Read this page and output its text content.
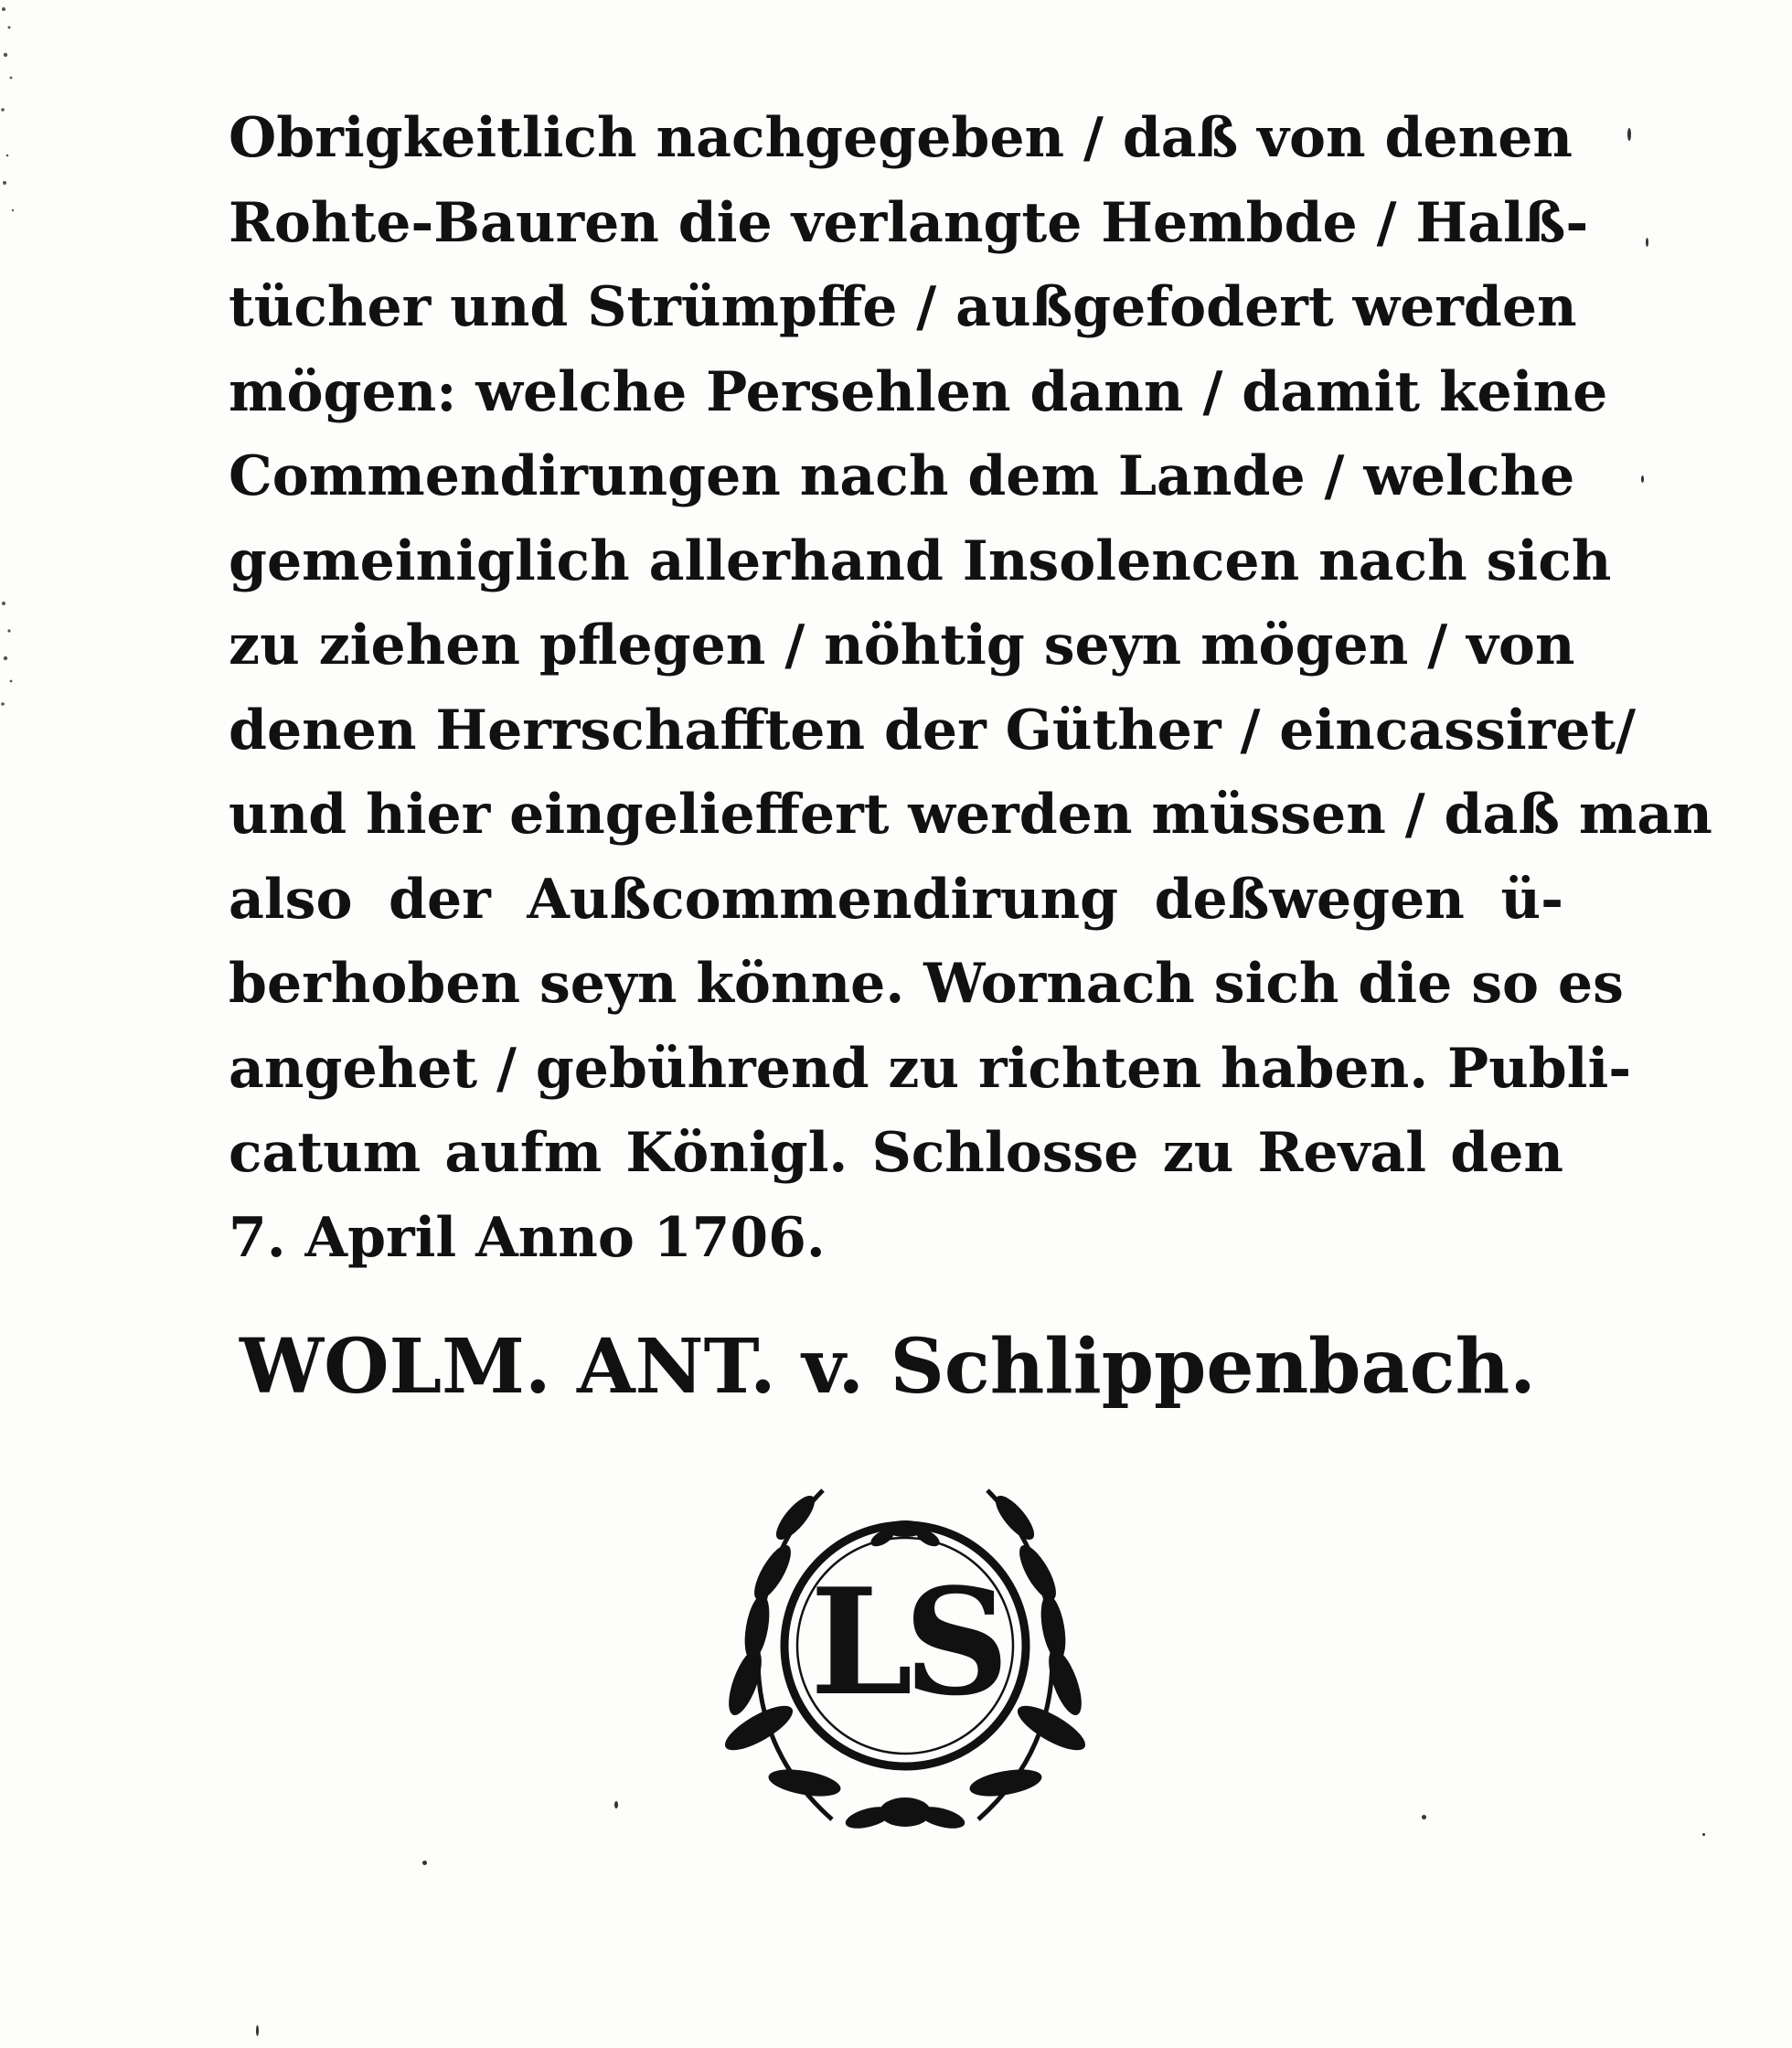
Obrigkeitlich nachgegeben / daß von denen
Rohte-Bauren die verlangte Hembde / Halß-
tücher und Strümpffe / außgefodert werden
mögen: welche Persehlen dann / damit keine
Commendirungen nach dem Lande / welche
gemeiniglich allerhand Insolencen nach sich
zu ziehen pflegen / nöhtig seyn mögen / von
denen Herrschafften der Güther / eincassiret/
und hier eingelieffert werden müssen / daß man
also der Außcommendirung deßwegen ü-
berhoben seyn könne. Wornach sich die so es
angehet / gebührend zu richten haben. Publi-
catum aufm Königl. Schlosse zu Reval den
7. April Anno 1706.
WOLM. ANT. v. Schlippenbach.
LS
